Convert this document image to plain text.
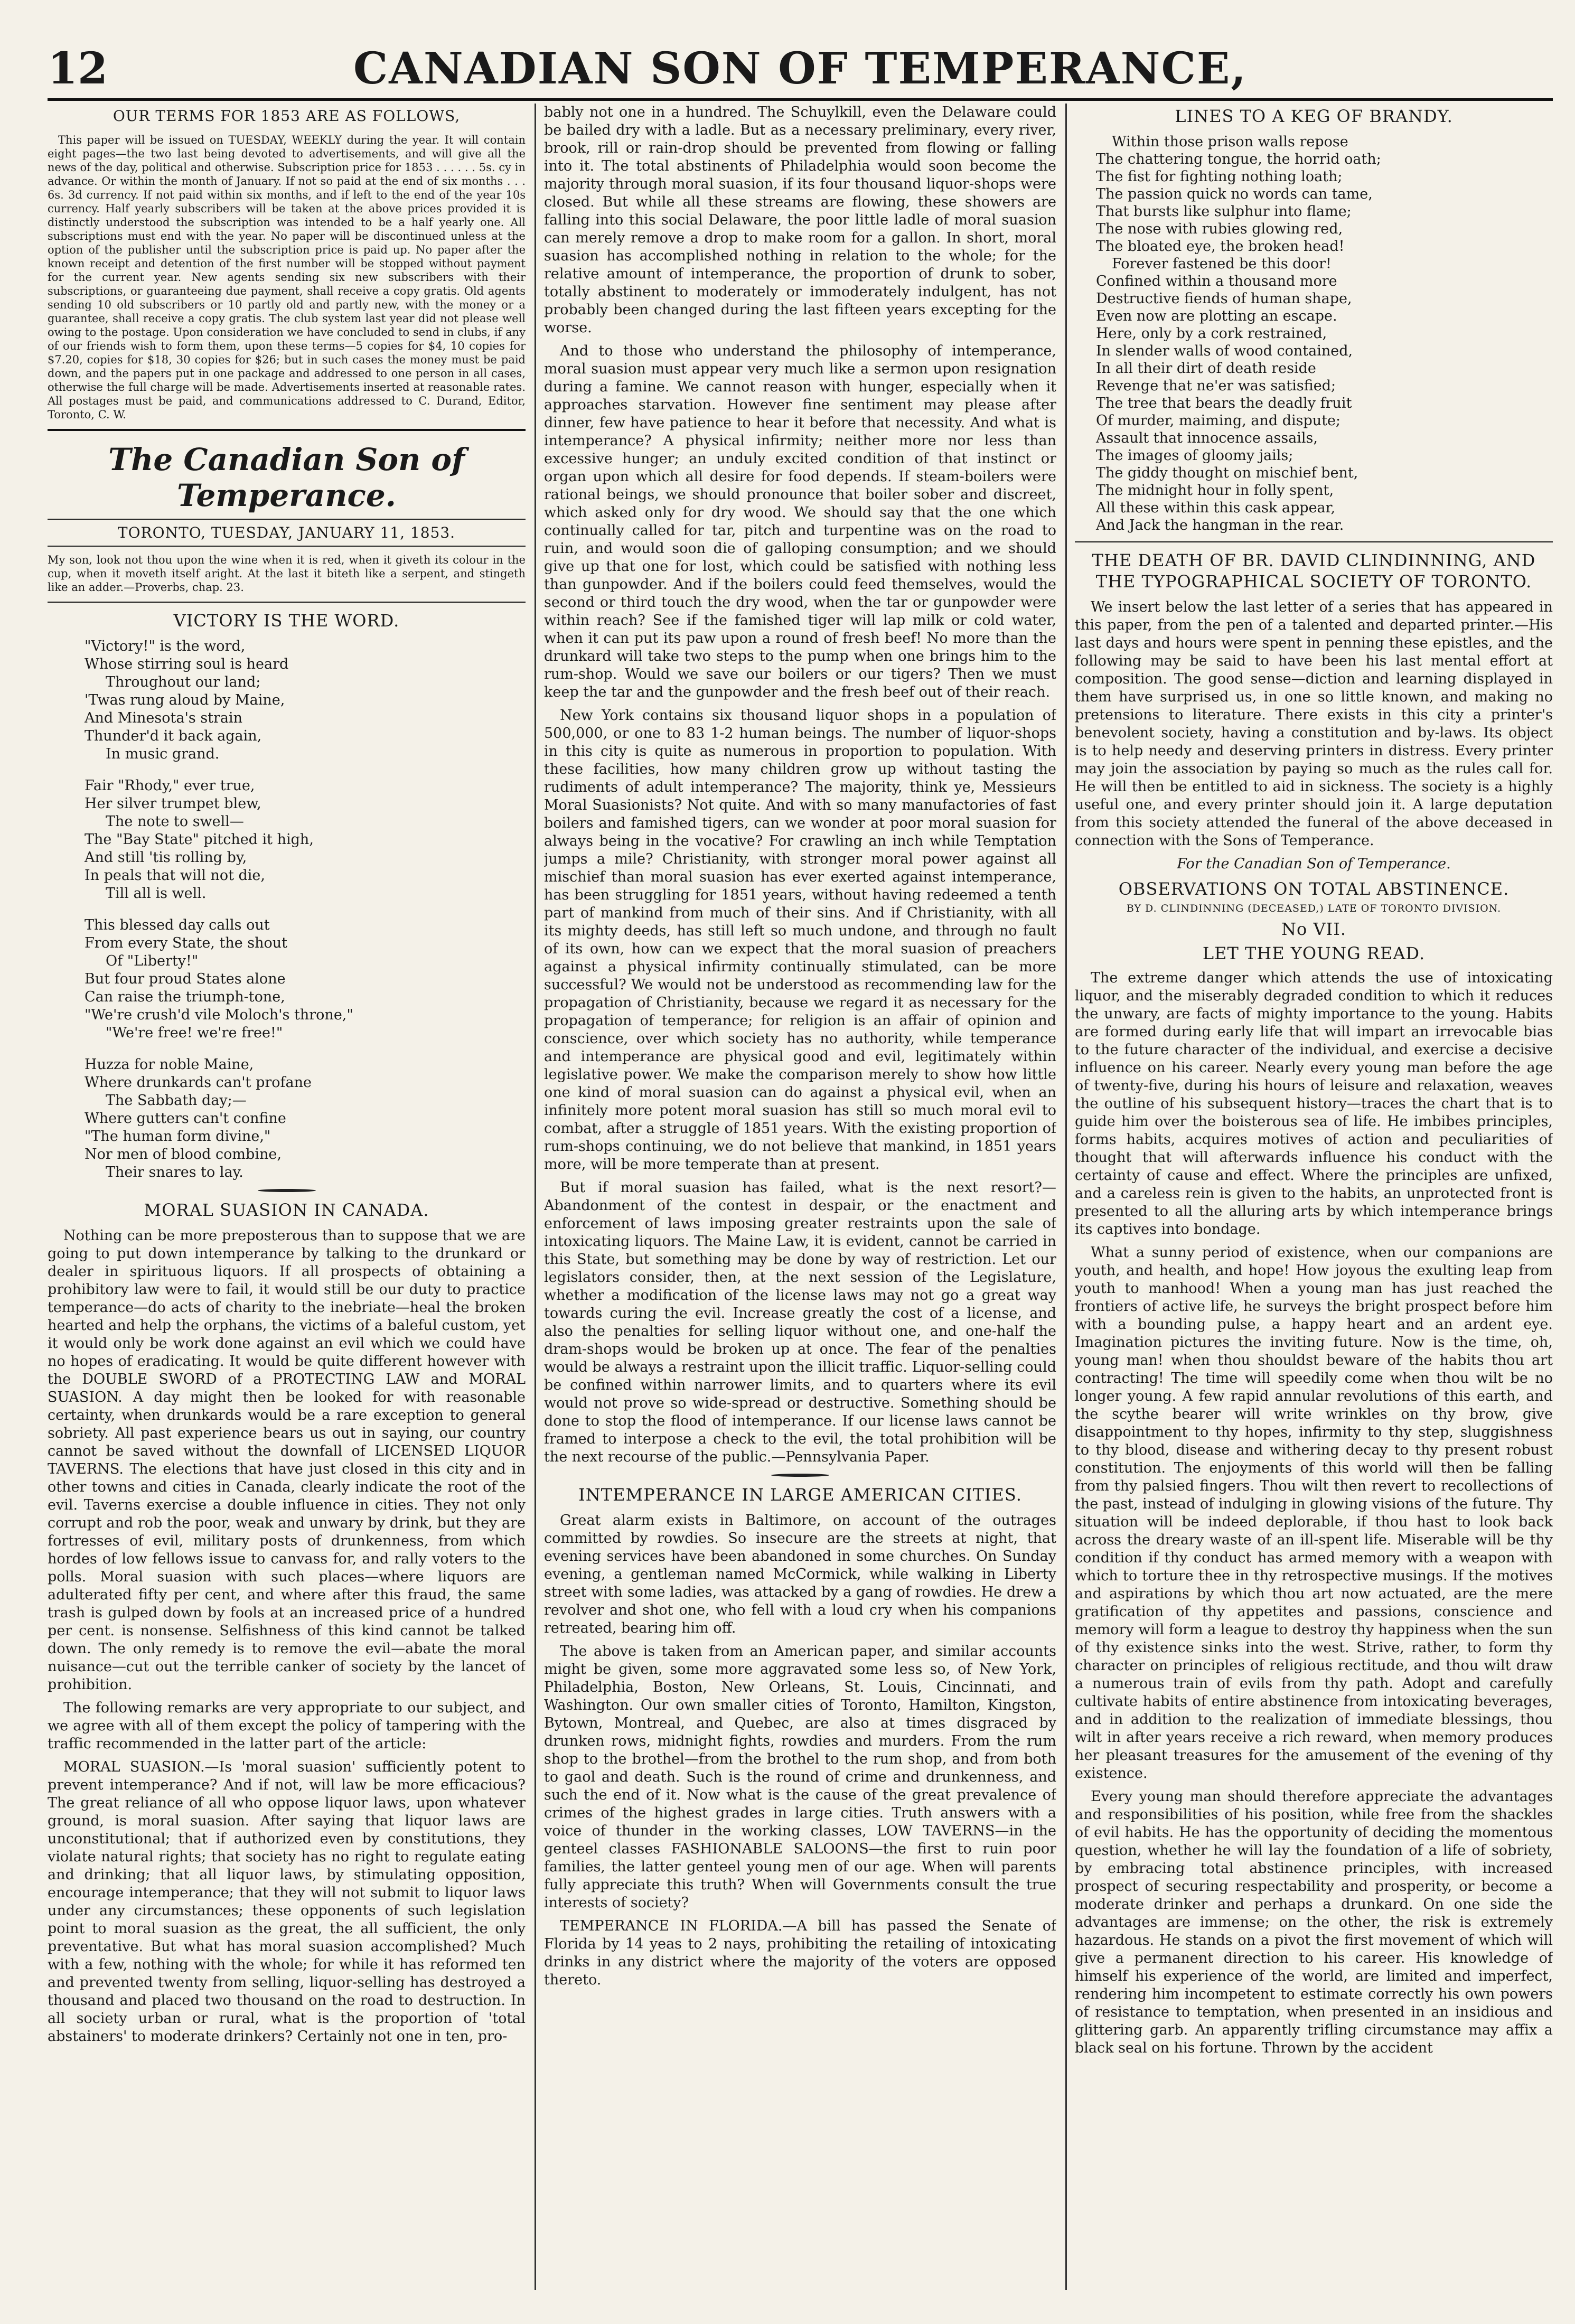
12	CANADIAN SON OF TEMPERANCE,
OUR TERMS FOR 1853 ARE AS FOLLOWS,

This paper will be issued on TUESDAY, WEEKLY during the year. It will contain eight pages—the two last being devoted to advertisements, and will give all the news of the day, political and otherwise. Subscription price for 1853 . . . . . . 5s. cy in advance. Or within the month of January. If not so paid at the end of six months . . . 6s. 3d currency. If not paid within six months, and if left to the end of the year 10s currency. Half yearly subscribers will be taken at the above prices provided it is distinctly understood the subscription was intended to be a half yearly one. All subscriptions must end with the year. No paper will be discontinued unless at the option of the publisher until the subscription price is paid up. No paper after the known receipt and detention of the first number will be stopped without payment for the current year. New agents sending six new subscribers with their subscriptions, or guaranteeing due payment, shall receive a copy gratis. Old agents sending 10 old subscribers or 10 partly old and partly new, with the money or a guarantee, shall receive a copy gratis. The club system last year did not please well owing to the postage. Upon consideration we have concluded to send in clubs, if any of our friends wish to form them, upon these terms—5 copies for $4, 10 copies for $7.20, copies for $18, 30 copies for $26; but in such cases the money must be paid down, and the papers put in one package and addressed to one person in all cases, otherwise the full charge will be made. Advertisements inserted at reasonable rates. All postages must be paid, and communications addressed to C. Durand, Editor, Toronto, C. W.

The Canadian Son of Temperance.
TORONTO, TUESDAY, JANUARY 11, 1853.

My son, look not thou upon the wine when it is red, when it giveth its colour in the cup, when it moveth itself aright. At the last it biteth like a serpent, and stingeth like an adder.—Proverbs, chap. 23.

VICTORY IS THE WORD.
"Victory!" is the word,
Whose stirring soul is heard
Throughout our land;
'Twas rung aloud by Maine,
And Minesota's strain
Thunder'd it back again,
In music grand.
Fair "Rhody," ever true,
Her silver trumpet blew,
The note to swell—
The "Bay State" pitched it high,
And still 'tis rolling by,
In peals that will not die,
Till all is well.
This blessed day calls out
From every State, the shout
Of "Liberty!"
But four proud States alone
Can raise the triumph-tone,
"We're crush'd vile Moloch's throne,"
"We're free! we're free!"
Huzza for noble Maine,
Where drunkards can't profane
The Sabbath day;—
Where gutters can't confine
"The human form divine,"
Nor men of blood combine,
Their snares to lay.
MORAL SUASION IN CANADA.

Nothing can be more preposterous than to suppose that we are going to put down intemperance by talking to the drunkard or dealer in spirituous liquors. If all prospects of obtaining a prohibitory law were to fail, it would still be our duty to practice temperance—do acts of charity to the inebriate—heal the broken hearted and help the orphans, the victims of a baleful custom, yet it would only be work done against an evil which we could have no hopes of eradicating. It would be quite different however with the DOUBLE SWORD of a PROTECTING LAW and MORAL SUASION. A day might then be looked for with reasonable certainty, when drunkards would be a rare exception to general sobriety. All past experience bears us out in saying, our country cannot be saved without the downfall of LICENSED LIQUOR TAVERNS. The elections that have just closed in this city and in other towns and cities in Canada, clearly indicate the root of the evil. Taverns exercise a double influence in cities. They not only corrupt and rob the poor, weak and unwary by drink, but they are fortresses of evil, military posts of drunkenness, from which hordes of low fellows issue to canvass for, and rally voters to the polls. Moral suasion with such places—where liquors are adulterated fifty per cent, and where after this fraud, the same trash is gulped down by fools at an increased price of a hundred per cent. is nonsense. Selfishness of this kind cannot be talked down. The only remedy is to remove the evil—abate the moral nuisance—cut out the terrible canker of society by the lancet of prohibition.

The following remarks are very appropriate to our subject, and we agree with all of them except the policy of tampering with the traffic recommended in the latter part of the article:

MORAL SUASION.—Is 'moral suasion' sufficiently potent to prevent intemperance? And if not, will law be more efficacious? The great reliance of all who oppose liquor laws, upon whatever ground, is moral suasion. After saying that liquor laws are unconstitutional; that if authorized even by constitutions, they violate natural rights; that society has no right to regulate eating and drinking; that all liquor laws, by stimulating opposition, encourage intemperance; that they will not submit to liquor laws under any circumstances; these opponents of such legislation point to moral suasion as the great, the all sufficient, the only preventative. But what has moral suasion accomplished? Much with a few, nothing with the whole; for while it has reformed ten and prevented twenty from selling, liquor-selling has destroyed a thousand and placed two thousand on the road to destruction. In all society urban or rural, what is the proportion of 'total abstainers' to moderate drinkers? Certainly not one in ten, pro-

bably not one in a hundred. The Schuylkill, even the Delaware could be bailed dry with a ladle. But as a necessary preliminary, every river, brook, rill or rain-drop should be prevented from flowing or falling into it. The total abstinents of Philadelphia would soon become the majority through moral suasion, if its four thousand liquor-shops were closed. But while all these streams are flowing, these showers are falling into this social Delaware, the poor little ladle of moral suasion can merely remove a drop to make room for a gallon. In short, moral suasion has accomplished nothing in relation to the whole; for the relative amount of intemperance, the proportion of drunk to sober, totally abstinent to moderately or immoderately indulgent, has not probably been changed during the last fifteen years excepting for the worse.

And to those who understand the philosophy of intemperance, moral suasion must appear very much like a sermon upon resignation during a famine. We cannot reason with hunger, especially when it approaches starvation. However fine sentiment may please after dinner, few have patience to hear it before that necessity. And what is intemperance? A physical infirmity; neither more nor less than excessive hunger; an unduly excited condition of that instinct or organ upon which all desire for food depends. If steam-boilers were rational beings, we should pronounce that boiler sober and discreet, which asked only for dry wood. We should say that the one which continually called for tar, pitch and turpentine was on the road to ruin, and would soon die of galloping consumption; and we should give up that one for lost, which could be satisfied with nothing less than gunpowder. And if the boilers could feed themselves, would the second or third touch the dry wood, when the tar or gunpowder were within reach? See if the famished tiger will lap milk or cold water, when it can put its paw upon a round of fresh beef! No more than the drunkard will take two steps to the pump when one brings him to the rum-shop. Would we save our boilers or our tigers? Then we must keep the tar and the gunpowder and the fresh beef out of their reach.

New York contains six thousand liquor shops in a population of 500,000, or one to 83 1-2 human beings. The number of liquor-shops in this city is quite as numerous in proportion to population. With these facilities, how many children grow up without tasting the rudiments of adult intemperance? The majority, think ye, Messieurs Moral Suasionists? Not quite. And with so many manufactories of fast boilers and famished tigers, can we wonder at poor moral suasion for always being in the vocative? For crawling an inch while Temptation jumps a mile? Christianity, with stronger moral power against all mischief than moral suasion has ever exerted against intemperance, has been struggling for 1851 years, without having redeemed a tenth part of mankind from much of their sins. And if Christianity, with all its mighty deeds, has still left so much undone, and through no fault of its own, how can we expect that the moral suasion of preachers against a physical infirmity continually stimulated, can be more successful? We would not be understood as recommending law for the propagation of Christianity, because we regard it as necessary for the propagation of temperance; for religion is an affair of opinion and conscience, over which society has no authority, while temperance and intemperance are physical good and evil, legitimately within legislative power. We make the comparison merely to show how little one kind of moral suasion can do against a physical evil, when an infinitely more potent moral suasion has still so much moral evil to combat, after a struggle of 1851 years. With the existing proportion of rum-shops continuing, we do not believe that mankind, in 1851 years more, will be more temperate than at present.

But if moral suasion has failed, what is the next resort?—Abandonment of the contest in despair, or the enactment and enforcement of laws imposing greater restraints upon the sale of intoxicating liquors. The Maine Law, it is evident, cannot be carried in this State, but something may be done by way of restriction. Let our legislators consider, then, at the next session of the Legislature, whether a modification of the license laws may not go a great way towards curing the evil. Increase greatly the cost of a license, and also the penalties for selling liquor without one, and one-half the dram-shops would be broken up at once. The fear of the penalties would be always a restraint upon the illicit traffic. Liquor-selling could be confined within narrower limits, and to quarters where its evil would not prove so wide-spread or destructive. Something should be done to stop the flood of intemperance. If our license laws cannot be framed to interpose a check to the evil, the total prohibition will be the next recourse of the public.—Pennsylvania Paper.

INTEMPERANCE IN LARGE AMERICAN CITIES.

Great alarm exists in Baltimore, on account of the outrages committed by rowdies. So insecure are the streets at night, that evening services have been abandoned in some churches. On Sunday evening, a gentleman named McCormick, while walking in Liberty street with some ladies, was attacked by a gang of rowdies. He drew a revolver and shot one, who fell with a loud cry when his companions retreated, bearing him off.

The above is taken from an American paper, and similar accounts might be given, some more aggravated some less so, of New York, Philadelphia, Boston, New Orleans, St. Louis, Cincinnati, and Washington. Our own smaller cities of Toronto, Hamilton, Kingston, Bytown, Montreal, and Quebec, are also at times disgraced by drunken rows, midnight fights, rowdies and murders. From the rum shop to the brothel—from the brothel to the rum shop, and from both to gaol and death. Such is the round of crime and drunkenness, and such the end of it. Now what is the cause of the great prevalence of crimes of the highest grades in large cities. Truth answers with a voice of thunder in the working classes, LOW TAVERNS—in the genteel classes FASHIONABLE SALOONS—the first to ruin poor families, the latter genteel young men of our age. When will parents fully appreciate this truth? When will Governments consult the true interests of society?

TEMPERANCE IN FLORIDA.—A bill has passed the Senate of Florida by 14 yeas to 2 nays, prohibiting the retailing of intoxicating drinks in any district where the majority of the voters are opposed thereto.

LINES TO A KEG OF BRANDY.
Within those prison walls repose
The chattering tongue, the horrid oath;
The fist for fighting nothing loath;
The passion quick no words can tame,
That bursts like sulphur into flame;
The nose with rubies glowing red,
The bloated eye, the broken head!
Forever fastened be this door!
Confined within a thousand more
Destructive fiends of human shape,
Even now are plotting an escape.
Here, only by a cork restrained,
In slender walls of wood contained,
In all their dirt of death reside
Revenge that ne'er was satisfied;
The tree that bears the deadly fruit
Of murder, maiming, and dispute;
Assault that innocence assails,
The images of gloomy jails;
The giddy thought on mischief bent,
The midnight hour in folly spent,
All these within this cask appear,
And Jack the hangman in the rear.
THE DEATH OF BR. DAVID CLINDINNING, AND THE TYPOGRAPHICAL SOCIETY OF TORONTO.

We insert below the last letter of a series that has appeared in this paper, from the pen of a talented and departed printer.—His last days and hours were spent in penning these epistles, and the following may be said to have been his last mental effort at composition. The good sense—diction and learning displayed in them have surprised us, in one so little known, and making no pretensions to literature. There exists in this city a printer's benevolent society, having a constitution and by-laws. Its object is to help needy and deserving printers in distress. Every printer may join the association by paying so much as the rules call for. He will then be entitled to aid in sickness. The society is a highly useful one, and every printer should join it. A large deputation from this society attended the funeral of the above deceased in connection with the Sons of Temperance.

For the Canadian Son of Temperance.

OBSERVATIONS ON TOTAL ABSTINENCE.
BY D. CLINDINNING (DECEASED,) LATE OF TORONTO DIVISION.
No VII.
LET THE YOUNG READ.

The extreme danger which attends the use of intoxicating liquor, and the miserably degraded condition to which it reduces the unwary, are facts of mighty importance to the young. Habits are formed during early life that will impart an irrevocable bias to the future character of the individual, and exercise a decisive influence on his career. Nearly every young man before the age of twenty-five, during his hours of leisure and relaxation, weaves the outline of his subsequent history—traces the chart that is to guide him over the boisterous sea of life. He imbibes principles, forms habits, acquires motives of action and peculiarities of thought that will afterwards influence his conduct with the certainty of cause and effect. Where the principles are unfixed, and a careless rein is given to the habits, an unprotected front is presented to all the alluring arts by which intemperance brings its captives into bondage.

What a sunny period of existence, when our companions are youth, and health, and hope! How joyous the exulting leap from youth to manhood! When a young man has just reached the frontiers of active life, he surveys the bright prospect before him with a bounding pulse, a happy heart and an ardent eye. Imagination pictures the inviting future. Now is the time, oh, young man! when thou shouldst beware of the habits thou art contracting! The time will speedily come when thou wilt be no longer young. A few rapid annular revolutions of this earth, and the scythe bearer will write wrinkles on thy brow, give disappointment to thy hopes, infirmity to thy step, sluggishness to thy blood, disease and withering decay to thy present robust constitution. The enjoyments of this world will then be falling from thy palsied fingers. Thou wilt then revert to recollections of the past, instead of indulging in glowing visions of the future. Thy situation will be indeed deplorable, if thou hast to look back across the dreary waste of an ill-spent life. Miserable will be thy condition if thy conduct has armed memory with a weapon with which to torture thee in thy retrospective musings. If the motives and aspirations by which thou art now actuated, are the mere gratification of thy appetites and passions, conscience and memory will form a league to destroy thy happiness when the sun of thy existence sinks into the west. Strive, rather, to form thy character on principles of religious rectitude, and thou wilt draw a numerous train of evils from thy path. Adopt and carefully cultivate habits of entire abstinence from intoxicating beverages, and in addition to the realization of immediate blessings, thou wilt in after years receive a rich reward, when memory produces her pleasant treasures for the amusement of the evening of thy existence.

Every young man should therefore appreciate the advantages and responsibilities of his position, while free from the shackles of evil habits. He has the opportunity of deciding the momentous question, whether he will lay the foundation of a life of sobriety, by embracing total abstinence principles, with increased prospect of securing respectability and prosperity, or become a moderate drinker and perhaps a drunkard. On one side the advantages are immense; on the other, the risk is extremely hazardous. He stands on a pivot the first movement of which will give a permanent direction to his career. His knowledge of himself his experience of the world, are limited and imperfect, rendering him incompetent to estimate correctly his own powers of resistance to temptation, when presented in an insidious and glittering garb. An apparently trifling circumstance may affix a black seal on his fortune. Thrown by the accident
